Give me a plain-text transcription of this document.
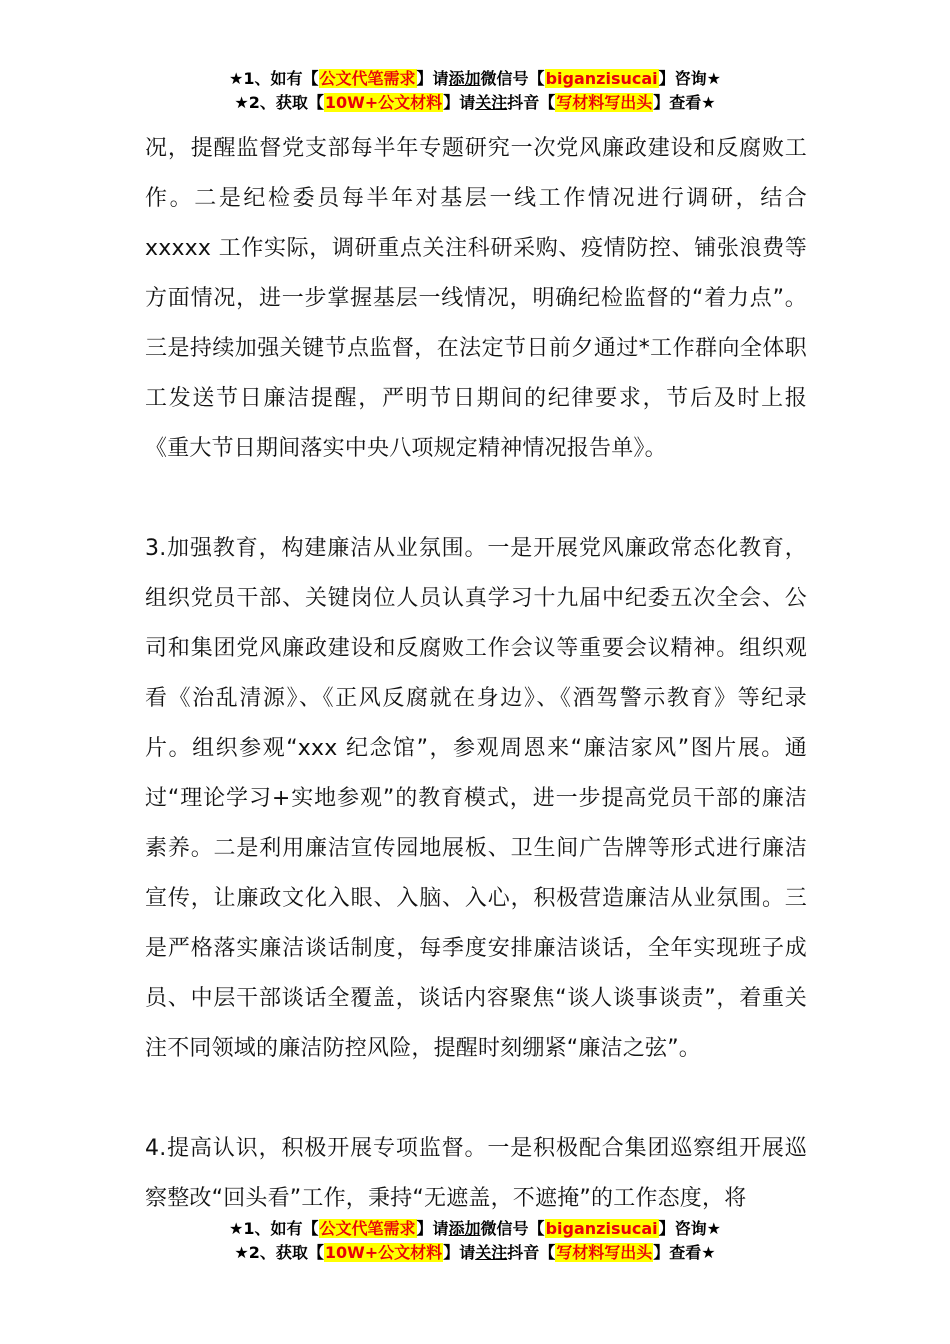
★1、如有【公文代笔需求】请添加微信号【biganzisucai】咨询★
★2、获取【10W+公文材料】请关注抖音【写材料写出头】查看★

况，提醒监督党支部每半年专题研究一次党风廉政建设和反腐败工作。二是纪检委员每半年对基层一线工作情况进行调研，结合 xxxxx 工作实际，调研重点关注科研采购、疫情防控、铺张浪费等方面情况，进一步掌握基层一线情况，明确纪检监督的“着力点”。三是持续加强关键节点监督，在法定节日前夕通过*工作群向全体职工发送节日廉洁提醒，严明节日期间的纪律要求，节后及时上报《重大节日期间落实中央八项规定精神情况报告单》。

3.加强教育，构建廉洁从业氛围。一是开展党风廉政常态化教育，组织党员干部、关键岗位人员认真学习十九届中纪委五次全会、公司和集团党风廉政建设和反腐败工作会议等重要会议精神。组织观看《治乱清源》、《正风反腐就在身边》、《酒驾警示教育》等纪录片。组织参观“xxx 纪念馆”，参观周恩来“廉洁家风”图片展。通过“理论学习+实地参观”的教育模式，进一步提高党员干部的廉洁素养。二是利用廉洁宣传园地展板、卫生间广告牌等形式进行廉洁宣传，让廉政文化入眼、入脑、入心，积极营造廉洁从业氛围。三是严格落实廉洁谈话制度，每季度安排廉洁谈话，全年实现班子成员、中层干部谈话全覆盖，谈话内容聚焦“谈人谈事谈责”，着重关注不同领域的廉洁防控风险，提醒时刻绷紧“廉洁之弦”。

4.提高认识，积极开展专项监督。一是积极配合集团巡察组开展巡察整改“回头看”工作，秉持“无遮盖，不遮掩”的工作态度，将

★1、如有【公文代笔需求】请添加微信号【biganzisucai】咨询★
★2、获取【10W+公文材料】请关注抖音【写材料写出头】查看★
